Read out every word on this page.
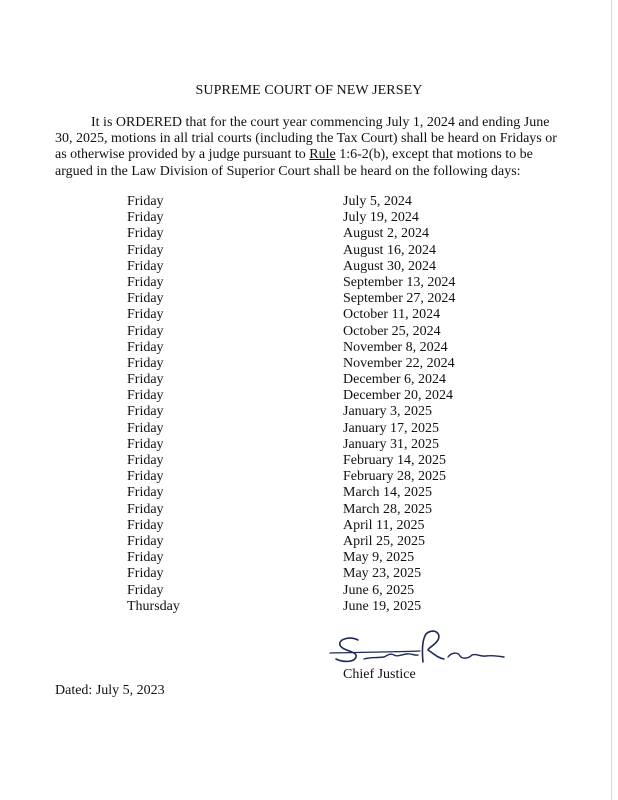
SUPREME COURT OF NEW JERSEY

It is ORDERED that for the court year commencing July 1, 2024 and ending June 30, 2025, motions in all trial courts (including the Tax Court) shall be heard on Fridays or as otherwise provided by a judge pursuant to Rule 1:6-2(b), except that motions to be argued in the Law Division of Superior Court shall be heard on the following days:

Friday	July 5, 2024
Friday	July 19, 2024
Friday	August 2, 2024
Friday	August 16, 2024
Friday	August 30, 2024
Friday	September 13, 2024
Friday	September 27, 2024
Friday	October 11, 2024
Friday	October 25, 2024
Friday	November 8, 2024
Friday	November 22, 2024
Friday	December 6, 2024
Friday	December 20, 2024
Friday	January 3, 2025
Friday	January 17, 2025
Friday	January 31, 2025
Friday	February 14, 2025
Friday	February 28, 2025
Friday	March 14, 2025
Friday	March 28, 2025
Friday	April 11, 2025
Friday	April 25, 2025
Friday	May 9, 2025
Friday	May 23, 2025
Friday	June 6, 2025
Thursday	June 19, 2025
Chief Justice
Dated: July 5, 2023
